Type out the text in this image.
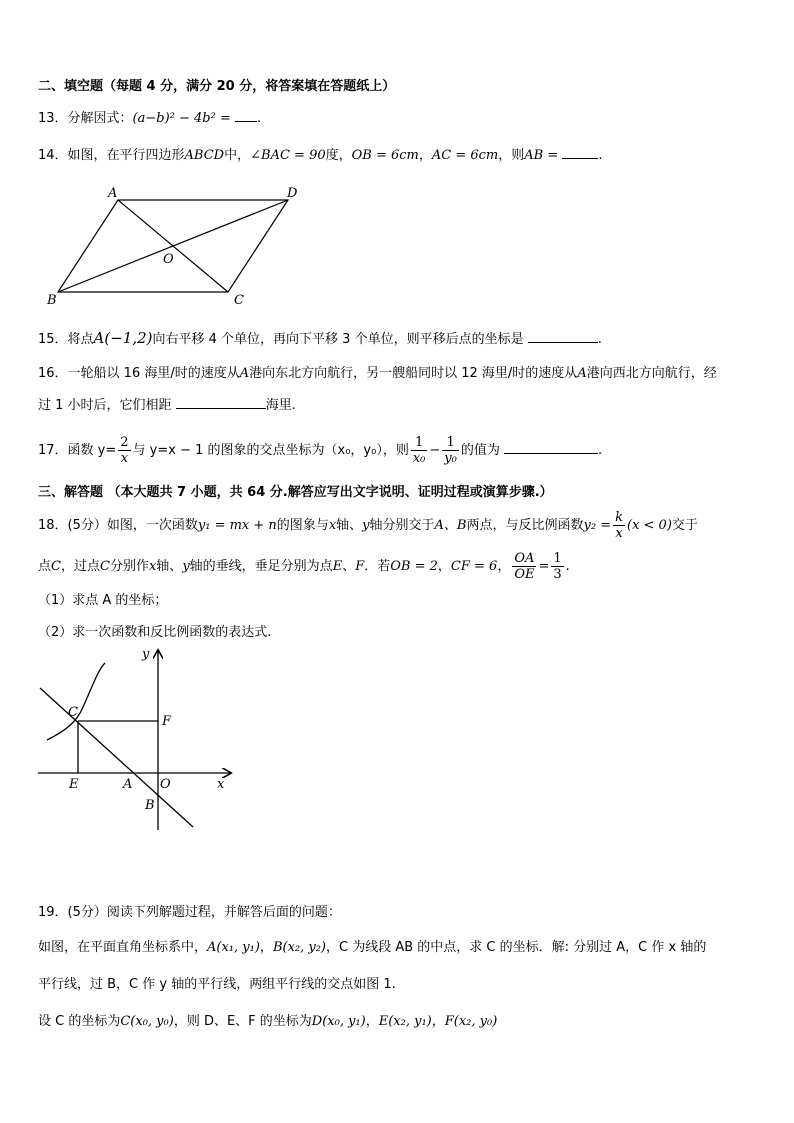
二、填空题（每题 4 分，满分 20 分，将答案填在答题纸上）
13．分解因式：(a−b)² − 4b² = .
14．如图，在平行四边形ABCD中，∠BAC = 90度，OB = 6cm，AC = 6cm，则AB =	.
A	D
B	C
O
15．将点A(−1,2)向右平移 4 个单位，再向下平移 3 个单位，则平移后点的坐标是	.
16．一轮船以 16 海里/时的速度从A港向东北方向航行，另一艘船同时以 12 海里/时的速度从A港向西北方向航行，经
过 1 小时后，它们相距	海里.
17．函数 $y= \frac{2}{x}$ 与 y=x − 1 的图象的交点坐标为（x₀，y₀），则 $\frac{1}{\text{x₀}} - \frac{1}{\text{y₀}}$ 的值为	.
三、解答题 （本大题共 7 小题，共 64 分.解答应写出文字说明、证明过程或演算步骤.）
18．(5分）如图，一次函数y₁ = mx + n的图象与x轴、y轴分别交于A、B两点，与反比例函数$y_2 = \frac{k}{x} (x < 0)$交于
点C，过点C分别作x轴、y轴的垂线，垂足分别为点E、F．若OB = 2，CF = 6， $\frac{OA}{OE} = \frac{1}{3}$ .
（1）求点 A 的坐标；
（2）求一次函数和反比例函数的表达式.
y
x
C
F
E	A O
B
19．(5分）阅读下列解题过程，并解答后面的问题：
如图，在平面直角坐标系中，A(x₁, y₁)，B(x₂, y₂)，C 为线段 AB 的中点，求 C 的坐标．解: 分别过 A，C 作 x 轴的
平行线，过 B，C 作 y 轴的平行线，两组平行线的交点如图 1.
设 C 的坐标为C(x₀, y₀)，则 D、E、F 的坐标为D(x₀, y₁)，E(x₂, y₁)，F(x₂, y₀)
